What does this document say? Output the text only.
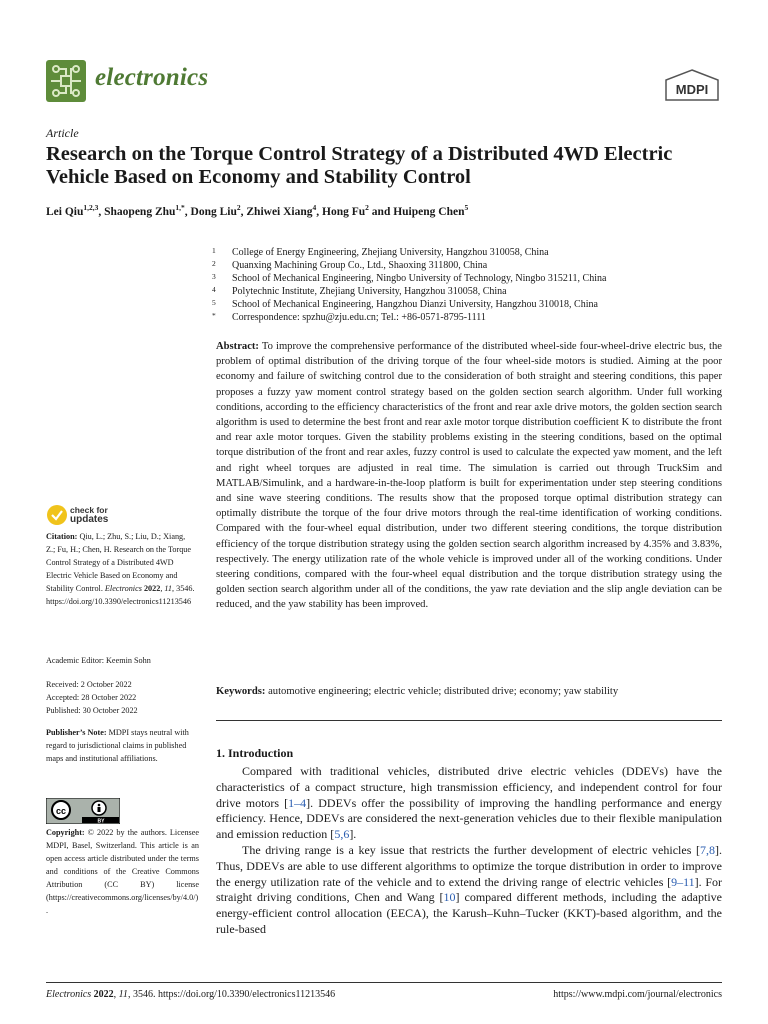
electronics	MDPI
Article
Research on the Torque Control Strategy of a Distributed 4WD Electric Vehicle Based on Economy and Stability Control
Lei Qiu$^{1,2,3}$, Shaopeng Zhu$^{1,*}$, Dong Liu$^2$, Zhiwei Xiang$^4$, Hong Fu$^2$ and Huipeng Chen$^5$
1	College of Energy Engineering, Zhejiang University, Hangzhou 310058, China
2	Quanxing Machining Group Co., Ltd., Shaoxing 311800, China
3	School of Mechanical Engineering, Ningbo University of Technology, Ningbo 315211, China
4	Polytechnic Institute, Zhejiang University, Hangzhou 310058, China
5	School of Mechanical Engineering, Hangzhou Dianzi University, Hangzhou 310018, China
*	Correspondence: spzhu@zju.edu.cn; Tel.: +86-0571-8795-1111
Abstract: To improve the comprehensive performance of the distributed wheel-side four-wheel-drive electric bus, the problem of optimal distribution of the driving torque of the four wheel-side motors is studied. Aiming at the poor economy and failure of switching control due to the consideration of both straight and steering conditions, this paper proposes a fuzzy yaw moment control strategy based on the golden section search algorithm. Under full working conditions, according to the efficiency characteristics of the front and rear axle drive motors, the golden section search algorithm is used to determine the best front and rear axle motor torque distribution coefficient K to distribute the front and rear axle motor torques. Given the stability problems existing in the steering conditions, based on the optimal torque distribution of the front and rear axles, fuzzy control is used to calculate the expected yaw moment, and the left and right wheel torques are adjusted in real time. The simulation is carried out through TruckSim and MATLAB/Simulink, and a hardware-in-the-loop platform is built for experimentation under step steering conditions and sine wave steering conditions. The results show that the proposed torque optimal distribution strategy can optimally distribute the torque of the four drive motors through the real-time identification of working conditions. Compared with the four-wheel equal distribution, under two different steering conditions, the torque distribution efficiency of the torque distribution strategy using the golden section search algorithm increased by 4.35% and 3.83%, respectively. The energy utilization rate of the whole vehicle is improved under all of the working conditions. Under steering conditions, compared with the four-wheel equal distribution and the torque distribution strategy using the golden section search algorithm under all of the conditions, the yaw rate deviation and the slip angle deviation can be reduced, and the yaw stability has been improved.
Keywords: automotive engineering; electric vehicle; distributed drive; economy; yaw stability
check for
updates
Citation: Qiu, L.; Zhu, S.; Liu, D.; Xiang, Z.; Fu, H.; Chen, H. Research on the Torque Control Strategy of a Distributed 4WD Electric Vehicle Based on Economy and Stability Control. Electronics 2022, 11, 3546. https://doi.org/10.3390/electronics11213546
Academic Editor: Keemin Sohn
Received: 2 October 2022
Accepted: 28 October 2022
Published: 30 October 2022
Publisher’s Note: MDPI stays neutral with regard to jurisdictional claims in published maps and institutional affiliations.
cc
BY
Copyright: © 2022 by the authors. Licensee MDPI, Basel, Switzerland. This article is an open access article distributed under the terms and conditions of the Creative Commons Attribution (CC BY) license (https://creativecommons.org/licenses/by/4.0/).
1. Introduction

Compared with traditional vehicles, distributed drive electric vehicles (DDEVs) have the characteristics of a compact structure, high transmission efficiency, and independent control for four drive motors [1–4]. DDEVs offer the possibility of improving the handling performance and energy efficiency. Hence, DDEVs are considered the next-generation vehicles due to their flexible manipulation and emission reduction [5,6].

The driving range is a key issue that restricts the further development of electric vehicles [7,8]. Thus, DDEVs are able to use different algorithms to optimize the torque distribution in order to improve the energy utilization rate of the vehicle and to extend the driving range of electric vehicles [9–11]. For straight driving conditions, Chen and Wang [10] compared different methods, including the adaptive energy-efficient control allocation (EECA), the Karush–Kuhn–Tucker (KKT)-based algorithm, and the rule-based

Electronics 2022, 11, 3546. https://doi.org/10.3390/electronics11213546	https://www.mdpi.com/journal/electronics
